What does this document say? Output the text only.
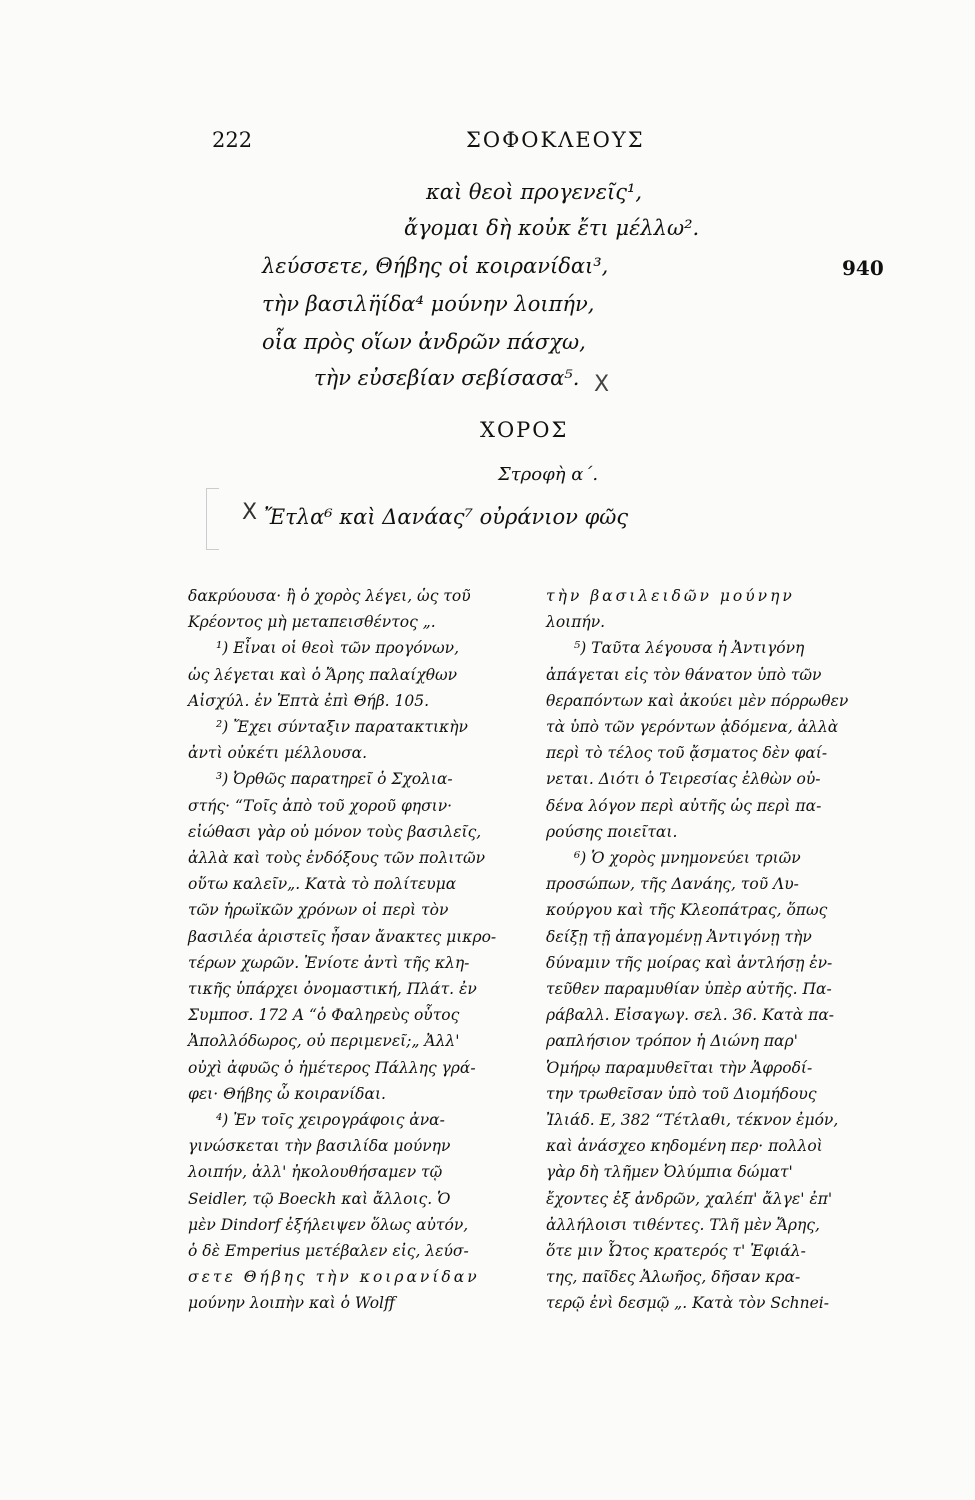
222	ΣΟΦΟΚΛΕΟΥΣ
καὶ θεοὶ προγενεῖς¹,
ἄγομαι δὴ κοὐκ ἔτι μέλλω².
λεύσσετε, Θήβης οἱ κοιρανίδαι³,
τὴν βασιλη̈ίδα⁴ μούνην λοιπήν,
οἷα πρὸς οἵων ἀνδρῶν πάσχω,
τὴν εὐσεβίαν σεβίσασα⁵.
940
X
ΧΟΡΟΣ
Στροφὴ α΄.
X Ἔτλα⁶ καὶ Δανάας⁷ οὐράνιον φῶς
δακρύουσα· ἢ ὁ χορὸς λέγει, ὡς τοῦ
Κρέοντος μὴ μεταπεισθέντος „.
¹) Εἶναι οἱ θεοὶ τῶν προγόνων,
ὡς λέγεται καὶ ὁ Ἄρης παλαίχθων
Αἰσχύλ. ἐν Ἑπτὰ ἐπὶ Θήβ. 105.
²) Ἔχει σύνταξιν παρατακτικὴν
ἀντὶ οὐκέτι μέλλουσα.
³) Ὀρθῶς παρατηρεῖ ὁ Σχολια-
στής· “Τοῖς ἀπὸ τοῦ χοροῦ φησιν·
εἰώθασι γὰρ οὐ μόνον τοὺς βασιλεῖς,
ἀλλὰ καὶ τοὺς ἐνδόξους τῶν πολιτῶν
οὕτω καλεῖν„. Κατὰ τὸ πολίτευμα
τῶν ἡρωϊκῶν χρόνων οἱ περὶ τὸν
βασιλέα ἀριστεῖς ἦσαν ἄνακτες μικρο-
τέρων χωρῶν. Ἐνίοτε ἀντὶ τῆς κλη-
τικῆς ὑπάρχει ὀνομαστική, Πλάτ. ἐν
Συμποσ. 172 Α “ὁ Φαληρεὺς οὗτος
Ἀπολλόδωρος, οὐ περιμενεῖ;„ Ἀλλ'
οὐχὶ ἀφυῶς ὁ ἡμέτερος Πάλλης γρά-
φει· Θήβης ὦ κοιρανίδαι.
⁴) Ἐν τοῖς χειρογράφοις ἀνα-
γινώσκεται τὴν βασιλίδα μούνην
λοιπήν, ἀλλ' ἠκολουθήσαμεν τῷ
Seidler, τῷ Boeckh καὶ ἄλλοις. Ὁ
μὲν Dindorf ἐξήλειψεν ὅλως αὐτόν,
ὁ δὲ Emperius μετέβαλεν εἰς, λεύσ-
σετε Θήβης τὴν κοιρανίδαν
μούνην λοιπὴν καὶ ὁ Wolff
τὴν βασιλειδῶν μούνην
λοιπήν.
⁵) Ταῦτα λέγουσα ἡ Ἀντιγόνη
ἀπάγεται εἰς τὸν θάνατον ὑπὸ τῶν
θεραπόντων καὶ ἀκούει μὲν πόρρωθεν
τὰ ὑπὸ τῶν γερόντων ᾀδόμενα, ἀλλὰ
περὶ τὸ τέλος τοῦ ᾄσματος δὲν φαί-
νεται. Διότι ὁ Τειρεσίας ἐλθὼν οὐ-
δένα λόγον περὶ αὐτῆς ὡς περὶ πα-
ρούσης ποιεῖται.
⁶) Ὁ χορὸς μνημονεύει τριῶν
προσώπων, τῆς Δανάης, τοῦ Λυ-
κούργου καὶ τῆς Κλεοπάτρας, ὅπως
δείξῃ τῇ ἀπαγομένῃ Ἀντιγόνῃ τὴν
δύναμιν τῆς μοίρας καὶ ἀντλήσῃ ἐν-
τεῦθεν παραμυθίαν ὑπὲρ αὐτῆς. Πα-
ράβαλλ. Εἰσαγωγ. σελ. 36. Κατὰ πα-
ραπλήσιον τρόπον ἡ Διώνη παρ'
Ὁμήρῳ παραμυθεῖται τὴν Ἀφροδί-
την τρωθεῖσαν ὑπὸ τοῦ Διομήδους
Ἰλιάδ. Ε, 382 “Τέτλαθι, τέκνον ἐμόν,
καὶ ἀνάσχεο κηδομένη περ· πολλοὶ
γὰρ δὴ τλῆμεν Ὀλύμπια δώματ'
ἔχοντες ἐξ ἀνδρῶν, χαλέπ' ἄλγε' ἐπ'
ἀλλήλοισι τιθέντες. Τλῆ μὲν Ἄρης,
ὅτε μιν Ὦτος κρατερός τ' Ἐφιάλ-
της, παῖδες Ἀλωῆος, δῆσαν κρα-
τερῷ ἐνὶ δεσμῷ „. Κατὰ τὸν Schnei-
